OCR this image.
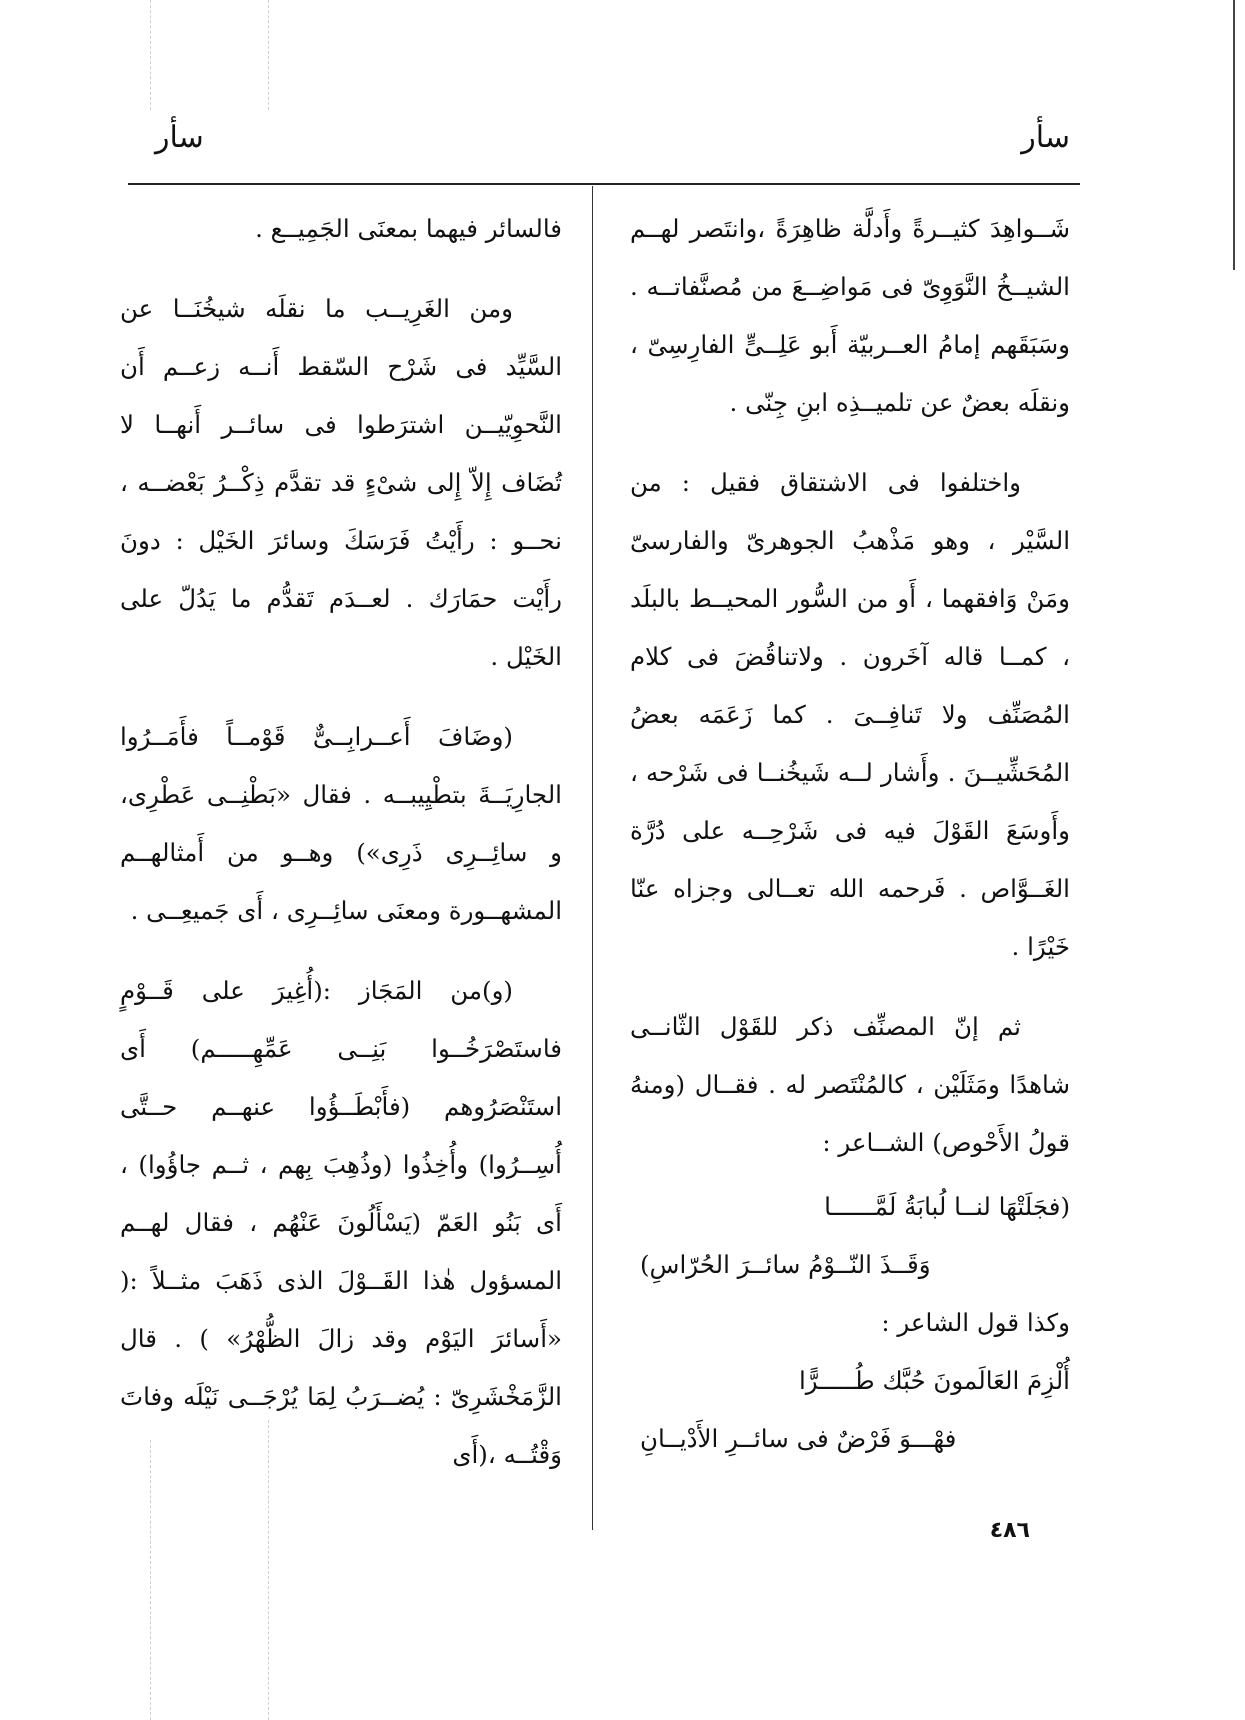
سأر
سأر

شَــواهِدَ كثيــرةً وأَدلَّة ظاهِرَةً ،وانتَصر لهــم الشيــخُ النَّوَوِىّ فى مَواضِــعَ من مُصنَّفاتــه . وسَبَقَهم إمامُ العــربيّة أَبو عَلِــىٍّ الفارِسِىّ ، ونقلَه بعضٌ عن تلميــذِه ابنِ جِنّى .

واختلفوا فى الاشتقاق فقيل : من السَّيْر ، وهو مَذْهبُ الجوهرىّ والفارسىّ ومَنْ وَافقهما ، أَو من السُّور المحيــط بالبلَد ، كمــا قاله آخَرون . ولاتناقُضَ فى كلام المُصَنِّف ولا تَنافِــىَ . كما زَعَمَه بعضُ المُحَشِّيــنَ . وأَشار لــه شَيخُنــا فى شَرْحه ، وأَوسَعَ القَوْلَ فيه فى شَرْحِــه على دُرَّة الغَــوَّاص . فَرحمه الله تعــالى وجزاه عنّا خَيْرًا .

ثم إنّ المصنِّف ذكر للقَوْل الثّانــى شاهدًا ومَثَلَيْن ، كالمُنْتَصر له . فقــال (ومنهُ قولُ الأَحْوص) الشــاعر :

(فجَلَتْهَا لنــا لُبابَةُ لَمَّــــــا
وَقَــذَ النّــوْمُ سائــرَ الحُرّاسِ)

وكذا قول الشاعر :

أُلْزِمَ العَالَمونَ حُبَّك طُـــــرًّا
فهْـــوَ فَرْضٌ فى سائــرِ الأَدْيــانِ

فالسائر فيهما بمعنَى الجَمِيــع .

ومن الغَرِيــب ما نقلَه شيخُنَــا عن السَّيِّد فى شَرْح السّقط أَنــه زعــم أَن النَّحوِيّيــن اشترَطوا فى سائــر أَنهــا لا تُضَاف إِلاّ إِلى شىْءٍ قد تقدَّم ذِكْــرُ بَعْضــه ، نحــو : رأَيْتُ فَرَسَكَ وسائرَ الخَيْل : دونَ رأَيْت حمَارَك . لعــدَم تَقدُّم ما يَدُلّ على الخَيْل .

(وضَافَ أَعــرابِــىٌّ قَوْمــاً فأَمَــرُوا الجارِيَــةَ بتطْيِيبــه . فقال «بَطْنِــى عَطْرِى، و سائِــرِى ذَرِى») وهــو من أَمثالهــم المشهــورة ومعنَى سائِــرِى ، أَى جَميعِــى .

(و)من المَجَاز :(أُغِيرَ على قَــوْمٍ فاستَصْرَخُــوا بَنِــى عَمِّهِـــــم) أَى استَنْصَرُوهم (فأَبْطَــؤُوا عنهــم حــتَّى أُسِــرُوا) وأُخِذُوا (وذُهِبَ بِهم ، ثــم جاؤُوا) ، أَى بَنُو العَمّ (يَسْأَلُونَ عَنْهُم ، فقال لهــم المسؤول هٰذا القَــوْلَ الذى ذَهَبَ مثــلاً :( «أَسائرَ اليَوْم وقد زالَ الظُّهْرُ» ) . قال الزَّمَخْشَرِىّ : يُضــرَبُ لِمَا يُرْجَــى نَيْلَه وفاتَ وَقْتُــه ،(أَى

٤٨٦
